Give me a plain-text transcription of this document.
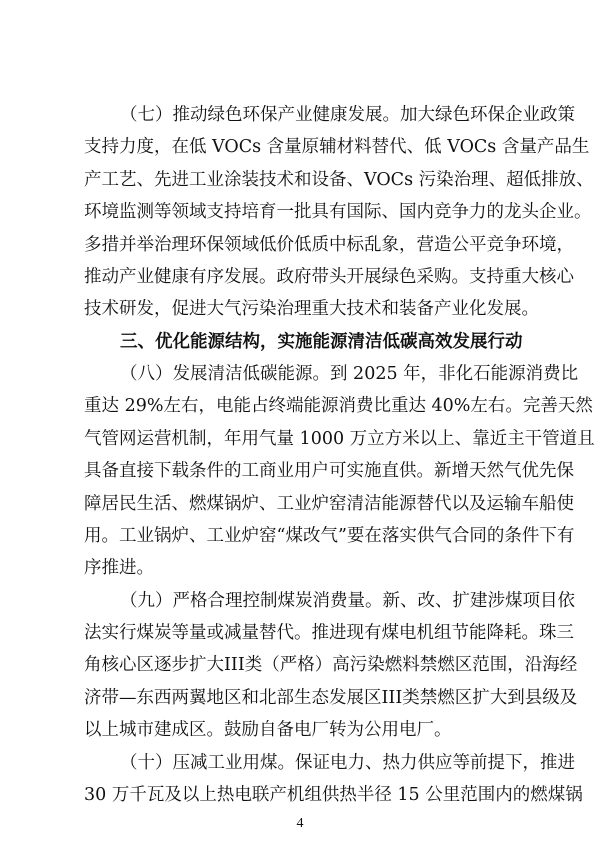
（七）推动绿色环保产业健康发展。加大绿色环保企业政策
支持力度，在低 VOCs 含量原辅材料替代、低 VOCs 含量产品生
产工艺、先进工业涂装技术和设备、VOCs 污染治理、超低排放、
环境监测等领域支持培育一批具有国际、国内竞争力的龙头企业。
多措并举治理环保领域低价低质中标乱象，营造公平竞争环境，
推动产业健康有序发展。政府带头开展绿色采购。支持重大核心
技术研发，促进大气污染治理重大技术和装备产业化发展。
三、优化能源结构，实施能源清洁低碳高效发展行动
（八）发展清洁低碳能源。到 2025 年，非化石能源消费比
重达 29%左右，电能占终端能源消费比重达 40%左右。完善天然
气管网运营机制，年用气量 1000 万立方米以上、靠近主干管道且
具备直接下载条件的工商业用户可实施直供。新增天然气优先保
障居民生活、燃煤锅炉、工业炉窑清洁能源替代以及运输车船使
用。工业锅炉、工业炉窑“煤改气”要在落实供气合同的条件下有
序推进。
（九）严格合理控制煤炭消费量。新、改、扩建涉煤项目依
法实行煤炭等量或减量替代。推进现有煤电机组节能降耗。珠三
角核心区逐步扩大III类（严格）高污染燃料禁燃区范围，沿海经
济带—东西两翼地区和北部生态发展区III类禁燃区扩大到县级及
以上城市建成区。鼓励自备电厂转为公用电厂。
（十）压减工业用煤。保证电力、热力供应等前提下，推进
30 万千瓦及以上热电联产机组供热半径 15 公里范围内的燃煤锅
4
